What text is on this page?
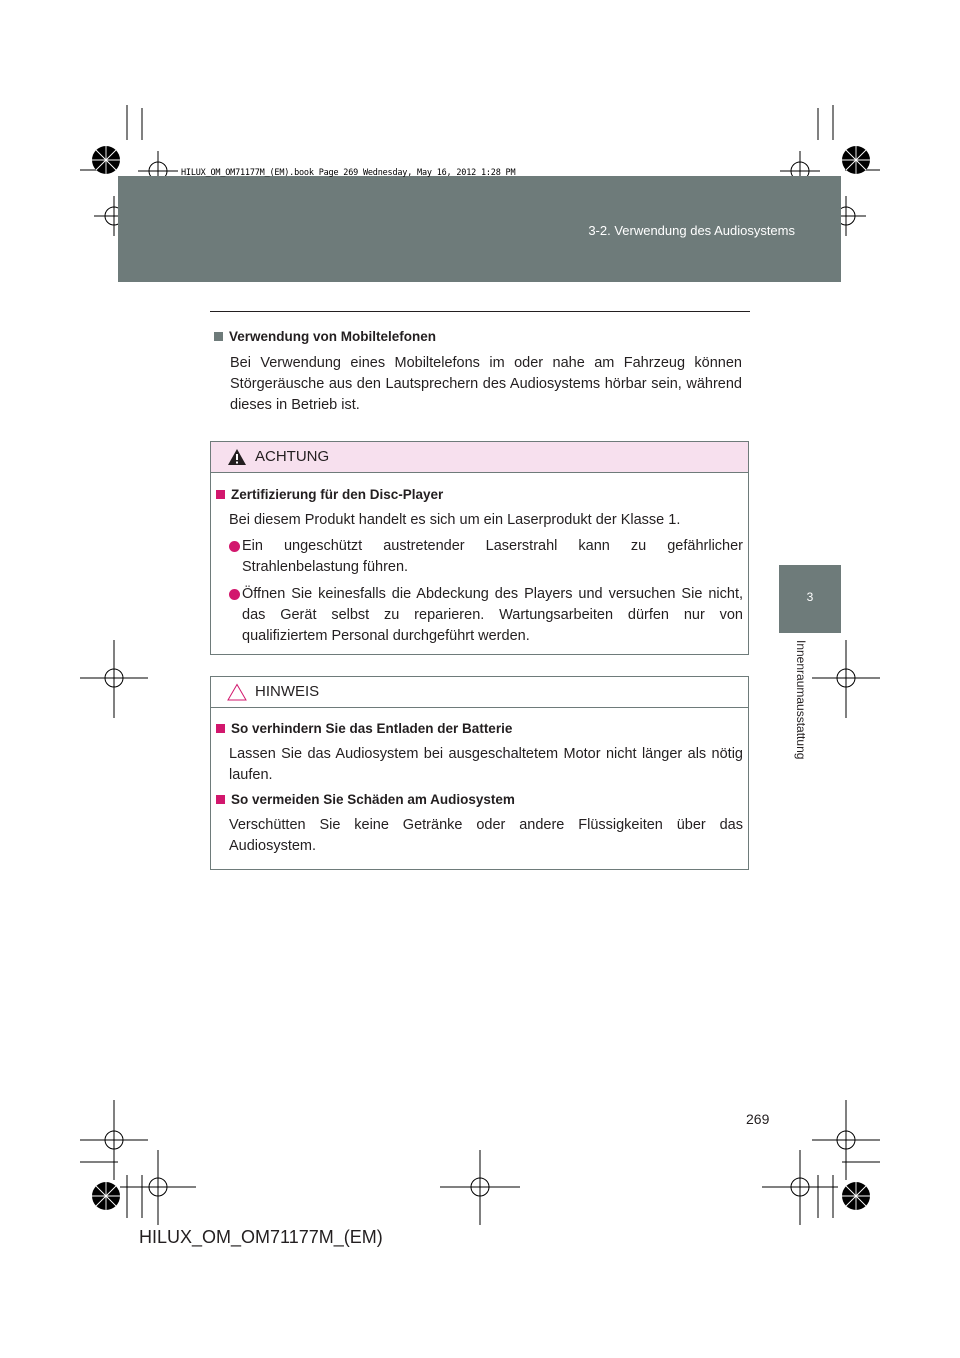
3-2. Verwendung des Audiosystems
HILUX_OM_OM71177M_(EM).book Page 269 Wednesday, May 16, 2012 1:28 PM
3
Innenraumausstattung
Verwendung von Mobiltelefonen
Bei Verwendung eines Mobiltelefons im oder nahe am Fahrzeug können Störgeräusche aus den Lautsprechern des Audiosystems hörbar sein, während dieses in Betrieb ist.
ACHTUNG
Zertifizierung für den Disc-Player
Bei diesem Produkt handelt es sich um ein Laserprodukt der Klasse 1.
Ein ungeschützt austretender Laserstrahl kann zu gefährlicher Strahlenbelastung führen.
Öffnen Sie keinesfalls die Abdeckung des Players und versuchen Sie nicht, das Gerät selbst zu reparieren. Wartungsarbeiten dürfen nur von qualifiziertem Personal durchgeführt werden.
HINWEIS
So verhindern Sie das Entladen der Batterie
Lassen Sie das Audiosystem bei ausgeschaltetem Motor nicht länger als nötig laufen.
So vermeiden Sie Schäden am Audiosystem
Verschütten Sie keine Getränke oder andere Flüssigkeiten über das Audiosystem.
269
HILUX_OM_OM71177M_(EM)
